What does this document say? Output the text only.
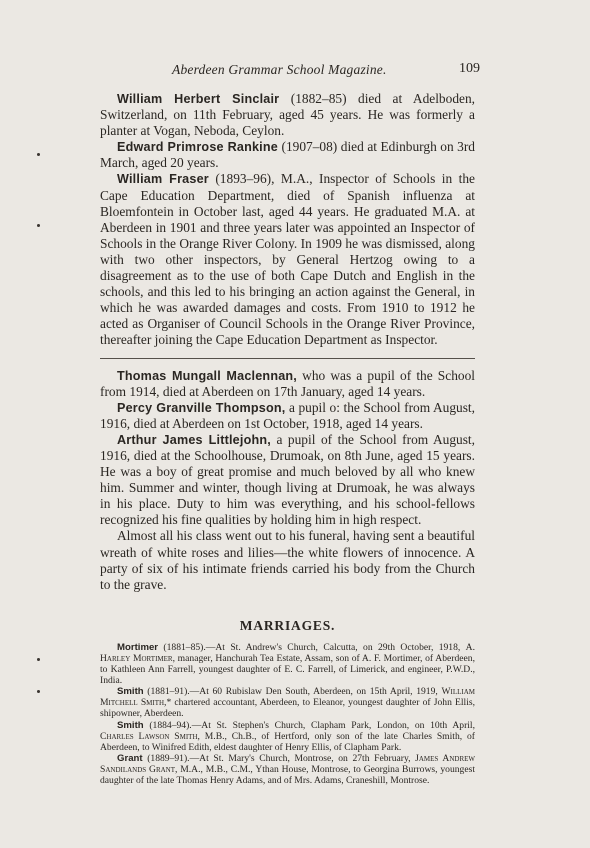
Aberdeen Grammar School Magazine.	109

William Herbert Sinclair (1882–85) died at Adelboden, Switzerland, on 11th February, aged 45 years. He was formerly a planter at Vogan, Neboda, Ceylon.

Edward Primrose Rankine (1907–08) died at Edinburgh on 3rd March, aged 20 years.

William Fraser (1893–96), M.A., Inspector of Schools in the Cape Education Department, died of Spanish influenza at Bloemfontein in October last, aged 44 years. He graduated M.A. at Aberdeen in 1901 and three years later was appointed an Inspector of Schools in the Orange River Colony. In 1909 he was dismissed, along with two other inspectors, by General Hertzog owing to a disagreement as to the use of both Cape Dutch and English in the schools, and this led to his bringing an action against the General, in which he was awarded damages and costs. From 1910 to 1912 he acted as Organiser of Council Schools in the Orange River Province, thereafter joining the Cape Education Department as Inspector.

Thomas Mungall Maclennan, who was a pupil of the School from 1914, died at Aberdeen on 17th January, aged 14 years.

Percy Granville Thompson, a pupil o: the School from August, 1916, died at Aberdeen on 1st October, 1918, aged 14 years.

Arthur James Littlejohn, a pupil of the School from August, 1916, died at the Schoolhouse, Drumoak, on 8th June, aged 15 years. He was a boy of great promise and much beloved by all who knew him. Summer and winter, though living at Drumoak, he was always in his place. Duty to him was everything, and his school-fellows recognized his fine qualities by holding him in high respect.

Almost all his class went out to his funeral, having sent a beautiful wreath of white roses and lilies—the white flowers of innocence. A party of six of his intimate friends carried his body from the Church to the grave.

MARRIAGES.

Mortimer (1881–85).—At St. Andrew's Church, Calcutta, on 29th October, 1918, A. Harley Mortimer, manager, Hanchurah Tea Estate, Assam, son of A. F. Mortimer, of Aberdeen, to Kathleen Ann Farrell, youngest daughter of E. C. Farrell, of Limerick, and engineer, P.W.D., India.

Smith (1881–91).—At 60 Rubislaw Den South, Aberdeen, on 15th April, 1919, William Mitchell Smith,* chartered accountant, Aberdeen, to Eleanor, youngest daughter of John Ellis, shipowner, Aberdeen.

Smith (1884–94).—At St. Stephen's Church, Clapham Park, London, on 10th April, Charles Lawson Smith, M.B., Ch.B., of Hertford, only son of the late Charles Smith, of Aberdeen, to Winifred Edith, eldest daughter of Henry Ellis, of Clapham Park.

Grant (1889–91).—At St. Mary's Church, Montrose, on 27th February, James Andrew Sandilands Grant, M.A., M.B., C.M., Ythan House, Montrose, to Georgina Burrows, youngest daughter of the late Thomas Henry Adams, and of Mrs. Adams, Craneshill, Montrose.
